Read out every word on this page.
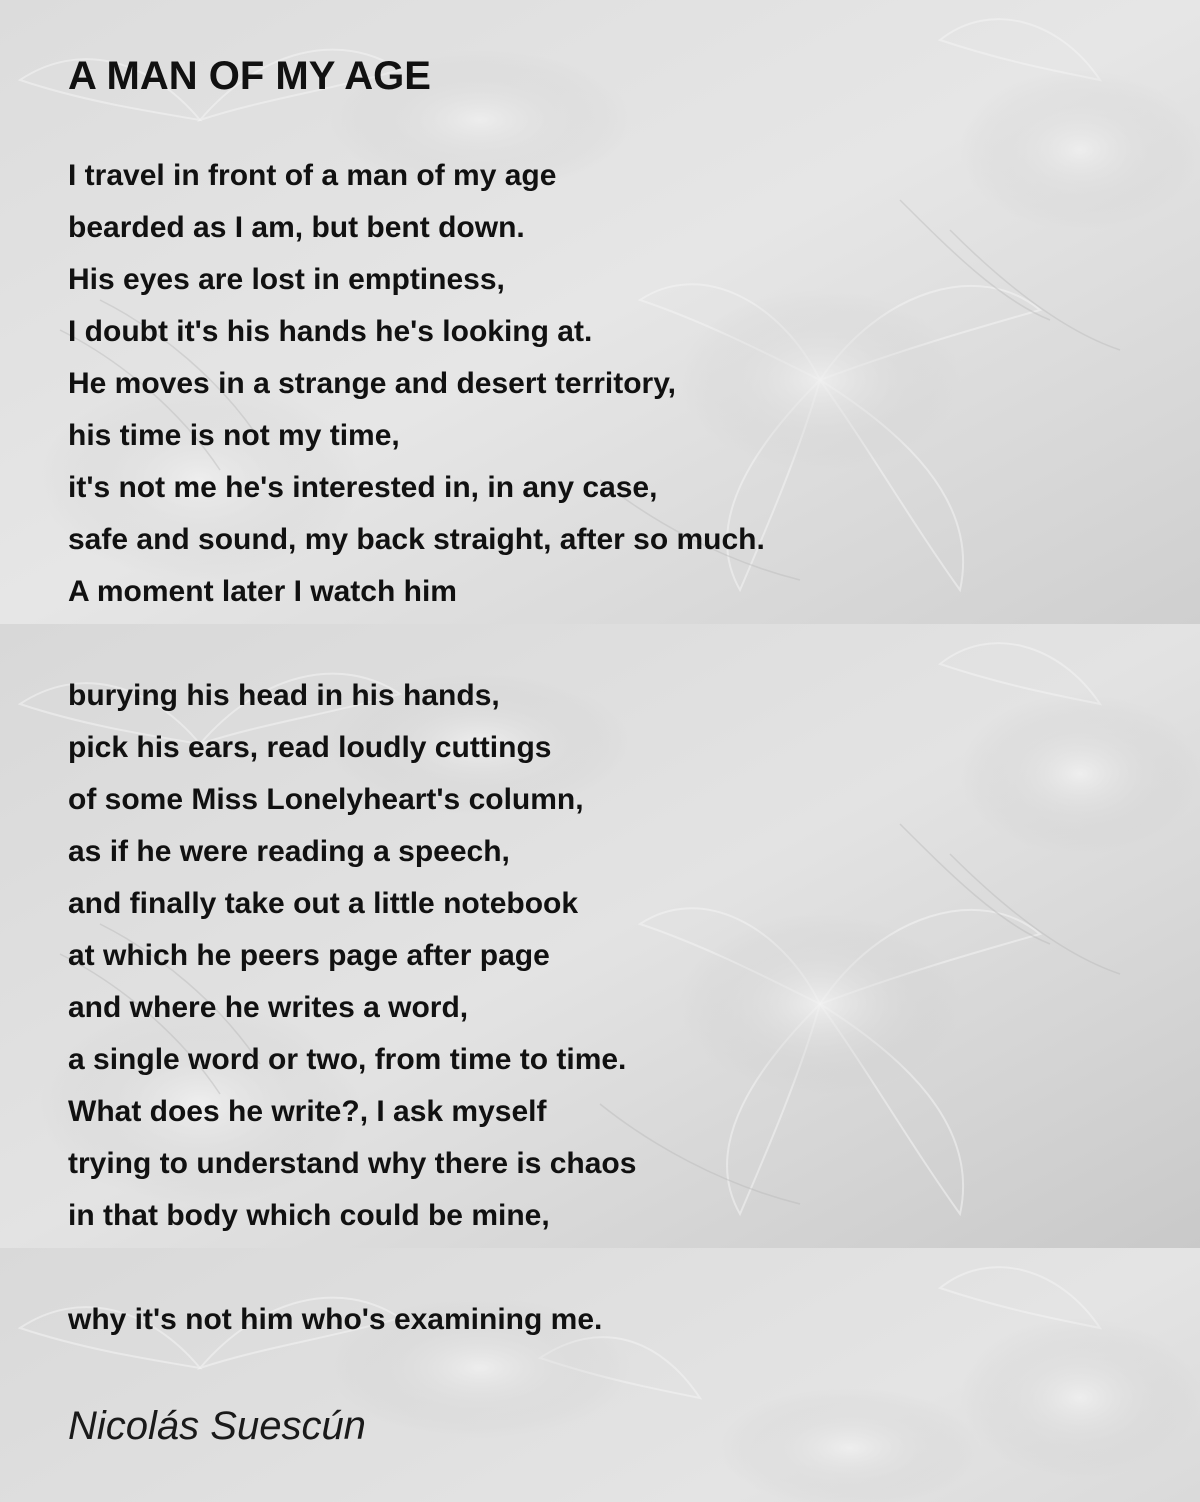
A MAN OF MY AGE
I travel in front of a man of my age
bearded as I am, but bent down.
His eyes are lost in emptiness,
I doubt it's his hands he's looking at.
He moves in a strange and desert territory,
his time is not my time,
it's not me he's interested in, in any case,
safe and sound, my back straight, after so much.
A moment later I watch him
burying his head in his hands,
pick his ears, read loudly cuttings
of some Miss Lonelyheart's column,
as if he were reading a speech,
and finally take out a little notebook
at which he peers page after page
and where he writes a word,
a single word or two, from time to time.
What does he write?, I ask myself
trying to understand why there is chaos
in that body which could be mine,
why it's not him who's examining me.

Nicolás Suescún
